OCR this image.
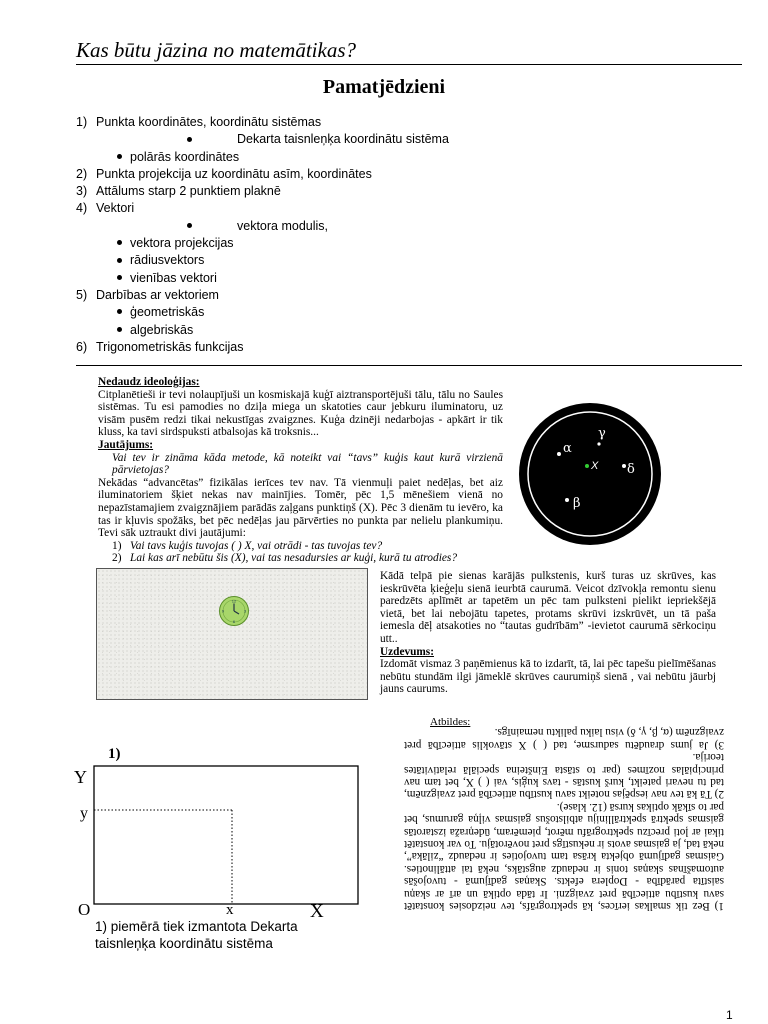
Kas būtu jāzina no matemātikas?
Pamatjēdzieni
1) Punkta koordinātes, koordinātu sistēmas
Dekarta taisnleņķa koordinātu sistēma
polārās koordinātes
2) Punkta projekcija uz koordinātu asīm, koordinātes
3) Attālums starp 2 punktiem plaknē
4) Vektori
vektora modulis,
vektora projekcijas
rādiusvektors
vienības vektori
5) Darbības ar vektoriem
ģeometriskās
algebriskās
6) Trigonometriskās funkcijas

Nedaudz ideoloģijas:

Citplanētieši ir tevi nolaupījuši un kosmiskajā kuģī aiztransportējuši tālu, tālu no Saules sistēmas. Tu esi pamodies no dziļa miega un skatoties caur jebkuru iluminatoru, uz visām pusēm redzi tikai nekustīgas zvaigznes. Kuģa dzinēji nedarbojas - apkārt ir tik kluss, ka tavi sirdspuksti atbalsojas kā troksnis...

Jautājums:

Vai tev ir zināma kāda metode, kā noteikt vai “tavs” kuģis kaut kurā virzienā pārvietojas?

Nekādas “advancētas” fizikālas ierīces tev nav. Tā vienmuļi paiet nedēļas, bet aiz iluminatoriem šķiet nekas nav mainījies. Tomēr, pēc 1,5 mēnešiem vienā no nepazīstamajiem zvaigznājiem parādās zaļgans punktiņš (X). Pēc 3 dienām tu ievēro, ka tas ir kļuvis spožāks, bet pēc nedēļas jau pārvērties no punkta par nelielu plankumiņu. Tevi sāk uztraukt divi jautājumi:

1) Vai tavs kuģis tuvojas ( ) X, vai otrādi - tas tuvojas tev?

2) Lai kas arī nebūtu šis (X), vai tas nesadursies ar kuģi, kurā tu atrodies?

α
γ
X δ
β
12
3
6
9

Kādā telpā pie sienas karājās pulkstenis, kurš turas uz skrūves, kas ieskrūvēta ķieģeļu sienā ieurbtā caurumā. Veicot dzīvokļa remontu sienu paredzēts aplīmēt ar tapetēm un pēc tam pulksteni pielikt iepriekšējā vietā, bet lai nebojātu tapetes, protams skrūvi izskrūvēt, un tā paša iemesla dēļ atsakoties no “tautas gudrībām” -ievietot caurumā sērkociņu utt..

Uzdevums:

Izdomāt vismaz 3 paņēmienus kā to izdarīt, tā, lai pēc tapešu pielīmēšanas nebūtu stundām ilgi jāmeklē skrūves caurumiņš sienā , vai nebūtu jāurbj jauns caurums.

Atbildes:

1) Bez tik smalkas ierīces, kā spektrogrāfs, tev neizdosies konstatēt savu kustību attiecībā pret zvaigzni. Ir tāda optikā un arī ar skaņu saistīta parādība - Doplera efekts. Skaņas gadījumā - tuvojošās automašīnas skaņas tonis ir nedaudz augstāks, nekā tai attālinoties. Gaismas gadījumā objekta krāsa tam tuvojoties ir nedaudz “zilāka”, nekā tad, ja gaismas avots ir nekustīgs pret novērotāju. To var konstatēt tikai ar ļoti precīzu spektrogrāfu mērot, piemēram, ūdeņraža izstarotās gaismas spektrā spektrālliniju atbilstošus gaismas viļņa garumus, bet par to sīkāk optikas kursā (12. klase).

2) Tā kā tev nav iespējas noteikt savu kustību attiecībā pret zvaigznēm, tad tu nevari pateikt, kurš kustās - tavs kuģis, vai ( ) X, bet tam nav principiālas nozīmes (par to stāsta Einšteina speciālā relativitātes teorija.

3) Ja jums draudētu sadursme, tad ( ) X stāvoklis attiecībā pret zvaigznēm (α, β, γ, δ) visu laiku paliktu nemainīgs.

1)
Y
y
O	x	X
1) piemērā tiek izmantota Dekarta taisnleņķa koordinātu sistēma
1
